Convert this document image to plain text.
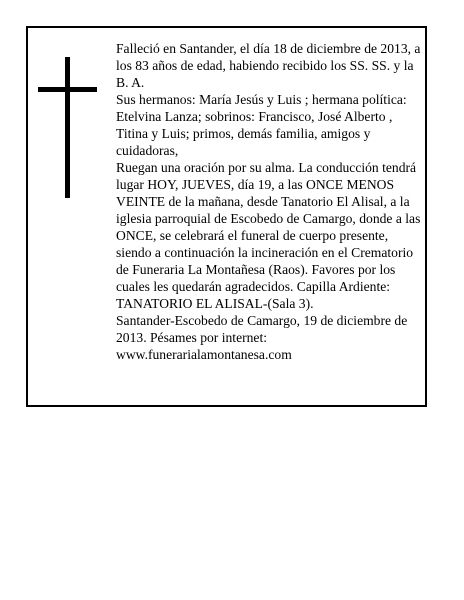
Falleció en Santander, el día 18 de diciembre de 2013, a
los 83 años de edad, habiendo recibido los SS. SS. y la
B. A.

Sus hermanos: María Jesús y Luis ; hermana política:
Etelvina Lanza; sobrinos: Francisco, José Alberto ,
Titina y Luis; primos, demás familia, amigos y
cuidadoras,

Ruegan una oración por su alma. La conducción tendrá
lugar HOY, JUEVES, día 19, a las ONCE MENOS
VEINTE de la mañana, desde Tanatorio El Alisal, a la
iglesia parroquial de Escobedo de Camargo, donde a las
ONCE, se celebrará el funeral de cuerpo presente,
siendo a continuación la incineración en el Crematorio
de Funeraria La Montañesa (Raos). Favores por los
cuales les quedarán agradecidos. Capilla Ardiente:
TANATORIO EL ALISAL-(Sala 3).

Santander-Escobedo de Camargo, 19 de diciembre de
2013. Pésames por internet:
www.funerarialamontanesa.com
